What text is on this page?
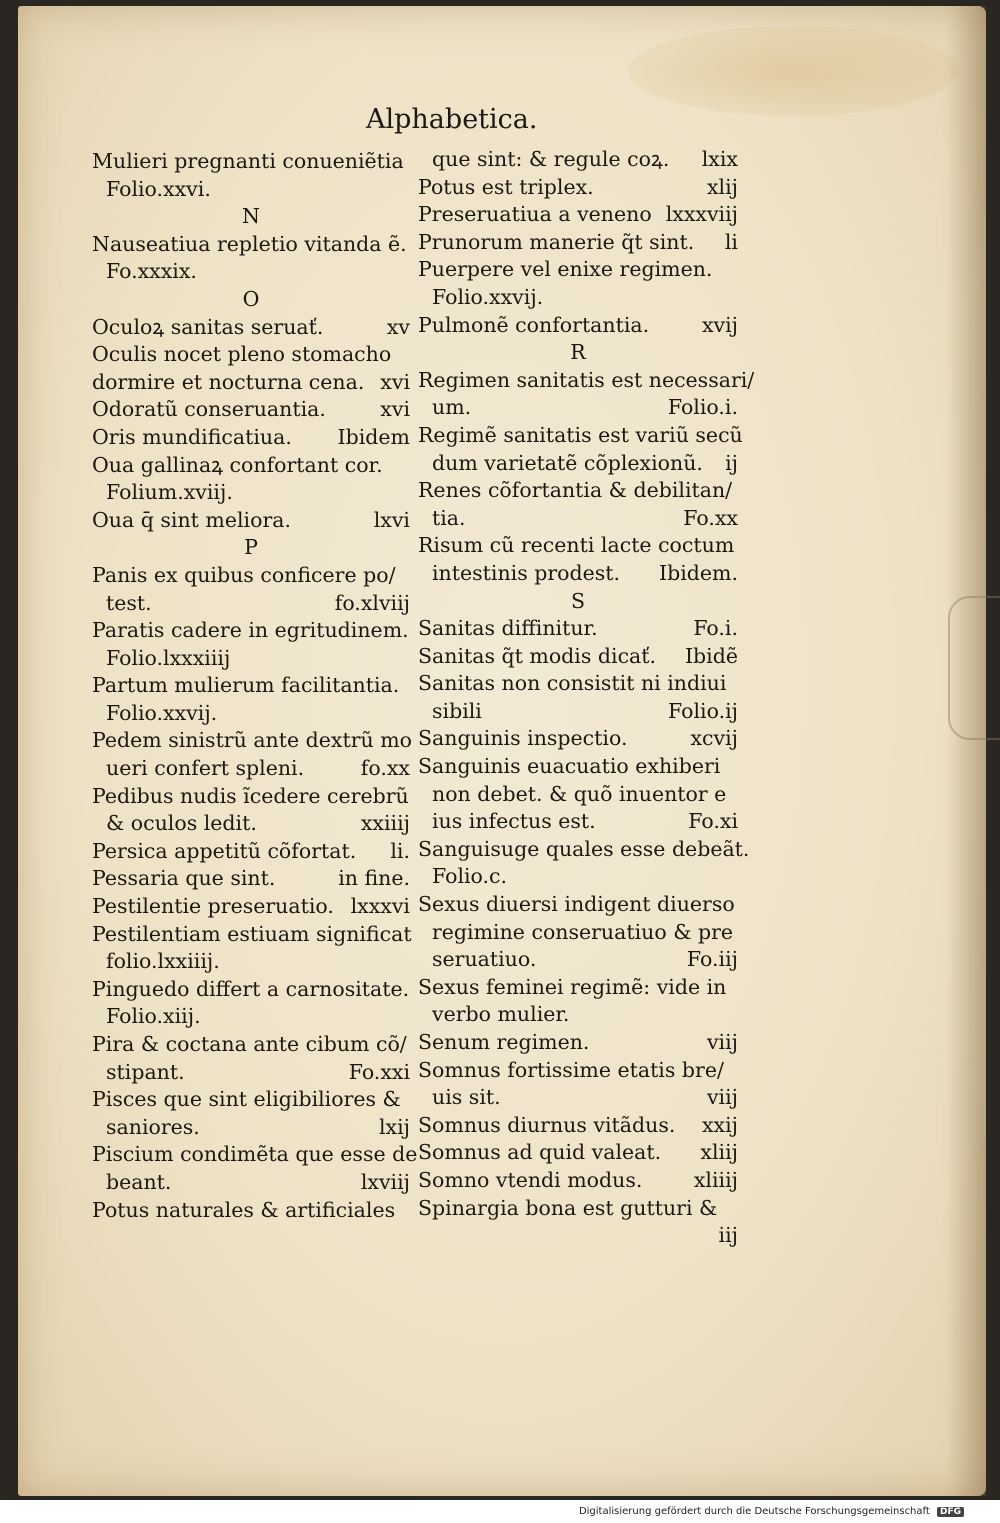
Alphabetica.
Mulieri pregnanti conueniẽtia
Folio.xxvi.
N
Nauseatiua repletio vitanda ẽ.
Fo.xxxix.
O
Oculoꝝ sanitas seruať.	xv
Oculis nocet pleno stomacho
dormire et nocturna cena. xvi
Odoratũ conseruantia.	xvi
Oris mundificatiua. Ibidem
Oua gallinaꝝ confortant cor.
Folium.xviij.
Oua q̄ sint meliora.	lxvi
P
Panis ex quibus conficere po/
test.	fo.xlviij
Paratis cadere in egritudinem.
Folio.lxxxiiij
Partum mulierum facilitantia.
Folio.xxvij.
Pedem sinistrũ ante dextrũ mo
ueri confert spleni.	fo.xx
Pedibus nudis ĩcedere cerebrũ
& oculos ledit.	xxiiij
Persica appetitũ cõfortat. li.
Pessaria que sint.	in fine.
Pestilentie preseruatio. lxxxvi
Pestilentiam estiuam significat
folio.lxxiiij.
Pinguedo differt a carnositate.
Folio.xiij.
Pira & coctana ante cibum cõ/
stipant.	Fo.xxi
Pisces que sint eligibiliores &
saniores.	lxij
Piscium condimẽta que esse de
beant.	lxviij
Potus naturales & artificiales
que sint: & regule coꝝ. lxix
Potus est triplex.	xlij
Preseruatiua a veneno lxxxviij
Prunorum manerie q̃t sint. li
Puerpere vel enixe regimen.
Folio.xxvij.
Pulmonẽ confortantia.	xvij
R
Regimen sanitatis est necessari/
um.	Folio.i.
Regimẽ sanitatis est variũ secũ
dum varietatẽ cõplexionũ. ij
Renes cõfortantia & debilitan/
tia.	Fo.xx
Risum cũ recenti lacte coctum
intestinis prodest. Ibidem.
S
Sanitas diffinitur.	Fo.i.
Sanitas q̃t modis dicať. Ibidẽ
Sanitas non consistit ni indiui
sibili	Folio.ij
Sanguinis inspectio.	xcvij
Sanguinis euacuatio exhiberi
non debet. & quõ inuentor e
ius infectus est.	Fo.xi
Sanguisuge quales esse debeãt.
Folio.c.
Sexus diuersi indigent diuerso
regimine conseruatiuo & pre
seruatiuo.	Fo.iij
Sexus feminei regimẽ: vide in
verbo mulier.
Senum regimen.	viij
Somnus fortissime etatis bre/
uis sit.	viij
Somnus diurnus vitãdus. xxij
Somnus ad quid valeat. xliij
Somno vtendi modus.	xliiij
Spinargia bona est gutturi &
iij
Digitalisierung gefördert durch die Deutsche Forschungsgemeinschaft DFG
